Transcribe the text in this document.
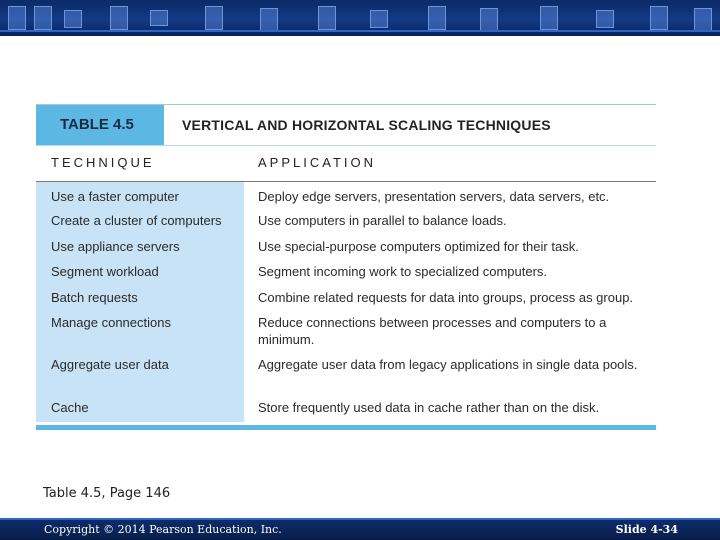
TABLE 4.5	VERTICAL AND HORIZONTAL SCALING TECHNIQUES
TECHNIQUE	APPLICATION
Use a faster computer	Deploy edge servers, presentation servers, data servers, etc.
Create a cluster of computers	Use computers in parallel to balance loads.
Use appliance servers	Use special-purpose computers optimized for their task.
Segment workload	Segment incoming work to specialized computers.
Batch requests	Combine related requests for data into groups, process as group.
Manage connections	Reduce connections between processes and computers to a minimum.
Aggregate user data	Aggregate user data from legacy applications in single data pools.
Cache	Store frequently used data in cache rather than on the disk.
Table 4.5, Page 146
Copyright © 2014 Pearson Education, Inc.	Slide 4-34
